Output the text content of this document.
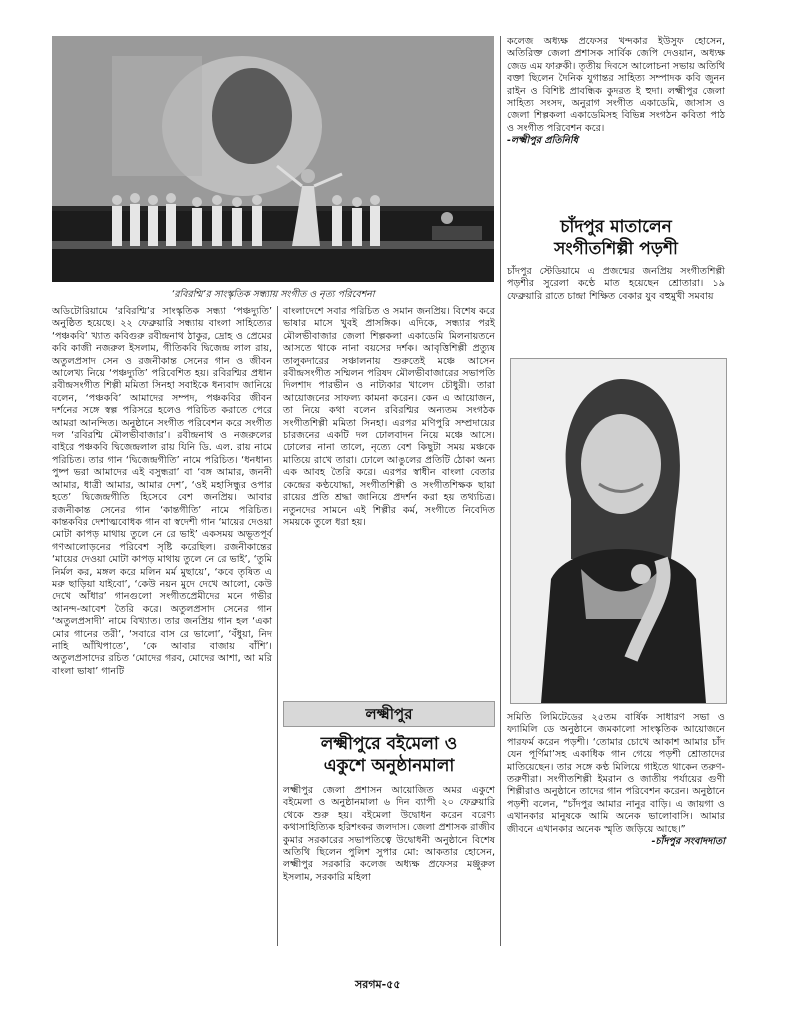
‘রবিরশ্মি’র সাংস্কৃতিক সন্ধ্যায় সংগীত ও নৃত্য পরিবেশনা

অডিটোরিয়ামে ‘রবিরশ্মি’র সাংস্কৃতিক সন্ধ্যা ‘পঞ্চদ্যুতি’ অনুষ্ঠিত হয়েছে। ২২ ফেব্রুয়ারি সন্ধ্যায় বাংলা সাহিত্যের ‘পঞ্চকবি’ খ্যাত কবিগুরু রবীন্দ্রনাথ ঠাকুর, দ্রোহ ও প্রেমের কবি কাজী নজরুল ইসলাম, গীতিকবি দ্বিজেন্দ্র লাল রায়, অতুলপ্রসাদ সেন ও রজনীকান্ত সেনের গান ও জীবন আলেখ্য নিয়ে ‘পঞ্চদ্যুতি’ পরিবেশিত হয়। রবিরশ্মির প্রধান রবীন্দ্রসংগীত শিল্পী মমিতা সিনহা সবাইকে ধন্যবাদ জানিয়ে বলেন, ‘পঞ্চকবি’ আমাদের সম্পদ, পঞ্চকবির জীবন দর্শনের সঙ্গে স্বল্প পরিসরে হলেও পরিচিত করাতে পেরে আমরা আনন্দিত। অনুষ্ঠানে সংগীত পরিবেশন করে সংগীত দল ‘রবিরশ্মি মৌলভীবাজার’। রবীন্দ্রনাথ ও নজরুলের বাইরে পঞ্চকবি দ্বিজেন্দ্রলাল রায় যিনি ডি. এল. রায় নামে পরিচিত। তার গান ‘দ্বিজেন্দ্রগীতি’ নামে পরিচিত। ‘ধনধান্য পুষ্প ভরা আমাদের এই বসুন্ধরা’ বা ‘বঙ্গ আমার, জননী আমার, ধাত্রী আমার, আমার দেশ’, ‘ওই মহাসিন্ধুর ওপার হতে’ দ্বিজেন্দ্রগীতি হিসেবে বেশ জনপ্রিয়। আবার রজনীকান্ত সেনের গান ‘কান্তগীতি’ নামে পরিচিত। কান্তকবির দেশাত্মবোধক গান বা স্বদেশী গান ‘মায়ের দেওয়া মোটা কাপড় মাথায় তুলে নে রে ভাই’ একসময় অভূতপূর্ব গণআলোড়নের পরিবেশ সৃষ্টি করেছিল। রজনীকান্তের ‘মায়ের দেওয়া মোটা কাপড় মাথায় তুলে নে রে ভাই’, ‘তুমি নির্মল কর, মঙ্গল করে মলিন মর্ম মুছায়ে’, ‘কবে তৃষিত এ মরু ছাড়িয়া যাইবো’, ‘কেউ নয়ন মুদে দেখে আলো, কেউ দেখে আঁধার’ গানগুলো সংগীতপ্রেমীদের মনে গভীর আনন্দ-আবেশ তৈরি করে। অতুলপ্রসাদ সেনের গান ‘অতুলপ্রসাদী’ নামে বিখ্যাত। তার জনপ্রিয় গান হল ‘একা মোর গানের তরী’, ‘সবারে বাস রে ভালো’, ‘বঁধুয়া, নিদ নাহি আঁখিপাতে’, ‘কে আবার বাজায় বাঁশি’। অতুলপ্রসাদের রচিত ‘মোদের গরব, মোদের আশা, আ মরি বাংলা ভাষা’ গানটি

বাংলাদেশে সবার পরিচিত ও সমান জনপ্রিয়। বিশেষ করে ভাষার মাসে খুবই প্রাসঙ্গিক। এদিকে, সন্ধ্যার পরই মৌলভীবাজার জেলা শিল্পকলা একাডেমি মিলনায়তনে আসতে থাকে নানা বয়সের দর্শক। আবৃত্তিশিল্পী প্রত্যুষ তালুকদারের সঞ্চালনায় শুরুতেই মঞ্চে আসেন রবীন্দ্রসংগীত সম্মিলন পরিষদ মৌলভীবাজারের সভাপতি দিলশাদ পারভীন ও নাট্যকার খালেদ চৌধুরী। তারা আয়োজনের সাফল্য কামনা করেন। কেন এ আয়োজন, তা নিয়ে কথা বলেন রবিরশ্মির অন্যতম সংগঠক সংগীতশিল্পী মমিতা সিনহা। এরপর মণিপুরি সম্প্রদায়ের চারজনের একটি দল ঢোলবাদন নিয়ে মঞ্চে আসে। ঢোলের নানা তালে, নৃত্যে বেশ কিছুটা সময় মঞ্চকে মাতিয়ে রাখে তারা। ঢোলে আঙুলের প্রতিটি ঠোকা অন্য এক আবহ তৈরি করে। এরপর স্বাধীন বাংলা বেতার কেন্দ্রের কণ্ঠযোদ্ধা, সংগীতশিল্পী ও সংগীতশিক্ষক ছায়া রায়ের প্রতি শ্রদ্ধা জানিয়ে প্রদর্শন করা হয় তথ্যচিত্র। নতুনদের সামনে এই শিল্পীর কর্ম, সংগীতে নিবেদিত সময়কে তুলে ধরা হয়।

লক্ষ্মীপুর
লক্ষ্মীপুরে বইমেলা ও
একুশে অনুষ্ঠানমালা

লক্ষ্মীপুর জেলা প্রশাসন আয়োজিত অমর একুশে বইমেলা ও অনুষ্ঠানমালা ৬ দিন ব্যাপী ২০ ফেব্রুয়ারি থেকে শুরু হয়। বইমেলা উদ্বোধন করেন বরেণ্য কথাসাহিত্যিক হরিশংকর জলদাস। জেলা প্রশাসক রাজীব কুমার সরকারের সভাপতিত্বে উদ্বোধনী অনুষ্ঠানে বিশেষ অতিথি ছিলেন পুলিশ সুপার মো: আকতার হোসেন, লক্ষ্মীপুর সরকারি কলেজ অধ্যক্ষ প্রফেসর মঞ্জুরুল ইসলাম, সরকারি মহিলা

কলেজ অধ্যক্ষ প্রফেসর খন্দকার ইউসুফ হোসেন, অতিরিক্ত জেলা প্রশাসক সার্বিক জেপি দেওয়ান, অধ্যক্ষ জেড এম ফারুকী। তৃতীয় দিবসে আলোচনা সভায় অতিথি বক্তা ছিলেন দৈনিক যুগান্তর সাহিত্য সম্পাদক কবি জুনন রাইন ও বিশিষ্ট প্রাবন্ধিক কুদরত ই হুদা। লক্ষ্মীপুর জেলা সাহিত্য সংসদ, অনুরাগ সংগীত একাডেমি, জাসাস ও জেলা শিল্পকলা একাডেমিসহ বিভিন্ন সংগঠন কবিতা পাঠ ও সংগীত পরিবেশন করে।

-লক্ষ্মীপুর প্রতিনিধি

চাঁদপুর মাতালেন
সংগীতশিল্পী পড়শী

চাঁদপুর স্টেডিয়ামে এ প্রজন্মের জনপ্রিয় সংগীতশিল্পী পড়শীর সুরেলা কণ্ঠে মাত হয়েছেন শ্রোতারা। ১৯ ফেব্রুয়ারি রাতে চান্দ্রা শিক্ষিত বেকার যুব বহুমুখী সমবায়

সমিতি লিমিটেডের ২৫তম বার্ষিক সাধারণ সভা ও ফ্যামিলি ডে অনুষ্ঠানে জমকালো সাংস্কৃতিক আয়োজনে পারফর্ম করেন পড়শী। ‘তোমার চোখে আকাশ আমার চাঁদ যেন পূর্ণিমা’সহ একাধিক গান গেয়ে পড়শী শ্রোতাদের মাতিয়েছেন। তার সঙ্গে কণ্ঠ মিলিয়ে গাইতে থাকেন তরুণ-তরুণীরা। সংগীতশিল্পী ইমরান ও জাতীয় পর্যায়ের গুণী শিল্পীরাও অনুষ্ঠানে তাদের গান পরিবেশন করেন। অনুষ্ঠানে পড়শী বলেন, “চাঁদপুর আমার নানুর বাড়ি। এ জায়গা ও এখানকার মানুষকে আমি অনেক ভালোবাসি। আমার জীবনে এখানকার অনেক স্মৃতি জড়িয়ে আছে।”

-চাঁদপুর সংবাদদাতা

সরগম-৫৫
